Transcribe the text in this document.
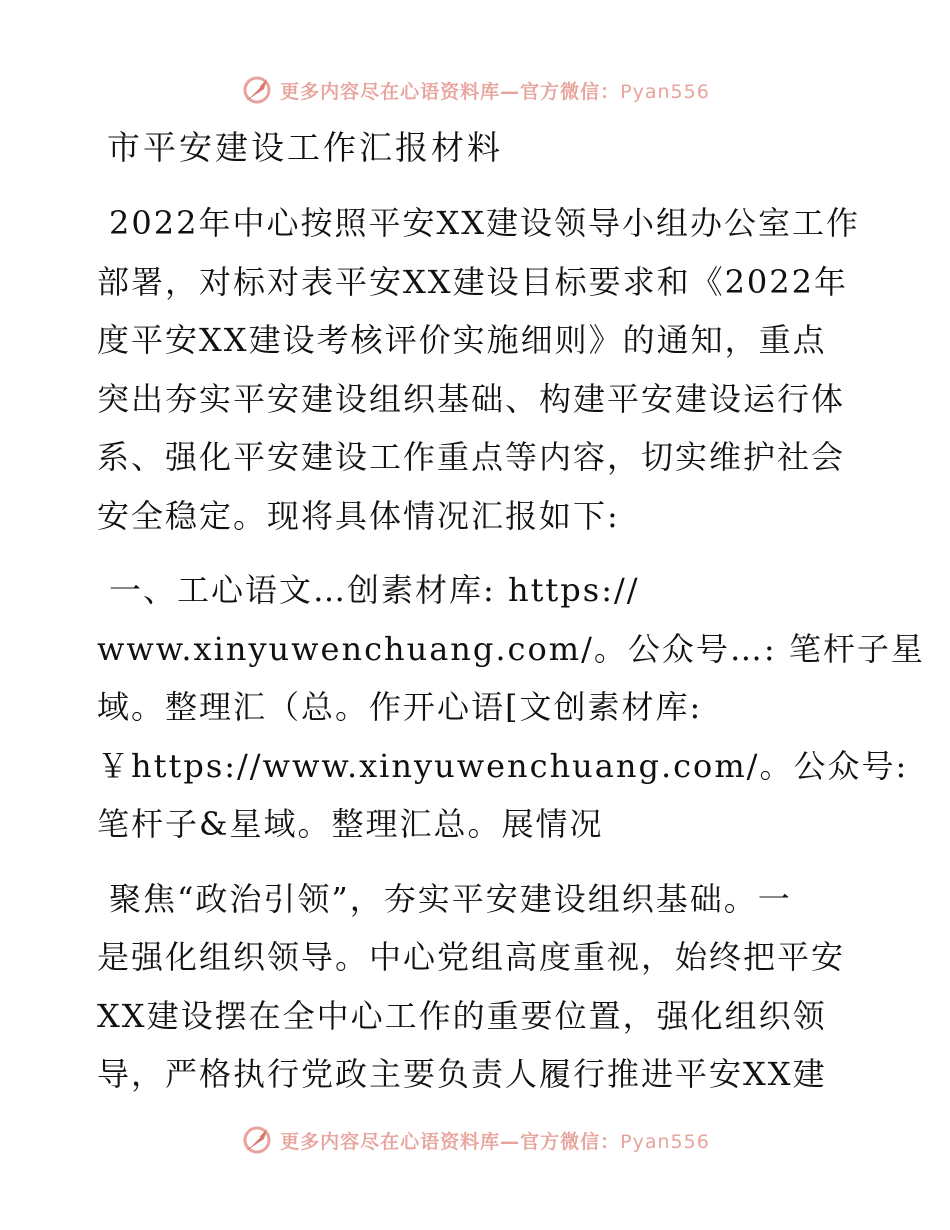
更多内容尽在心语资料库—官方微信：Pyan556
市平安建设工作汇报材料
2022年中心按照平安XX建设领导小组办公室工作
部署，对标对表平安XX建设目标要求和《2022年
度平安XX建设考核评价实施细则》的通知，重点
突出夯实平安建设组织基础、构建平安建设运行体
系、强化平安建设工作重点等内容，切实维护社会
安全稳定。现将具体情况汇报如下:
一、工心语文…创素材库: https://
www.xinyuwenchuang.com/。公众号…: 笔杆子星
域。整理汇（总。作开心语[文创素材库:
￥https://www.xinyuwenchuang.com/。公众号:
笔杆子&星域。整理汇总。展情况
聚焦“政治引领”，夯实平安建设组织基础。一
是强化组织领导。中心党组高度重视，始终把平安
XX建设摆在全中心工作的重要位置，强化组织领
导，严格执行党政主要负责人履行推进平安XX建
更多内容尽在心语资料库—官方微信：Pyan556
